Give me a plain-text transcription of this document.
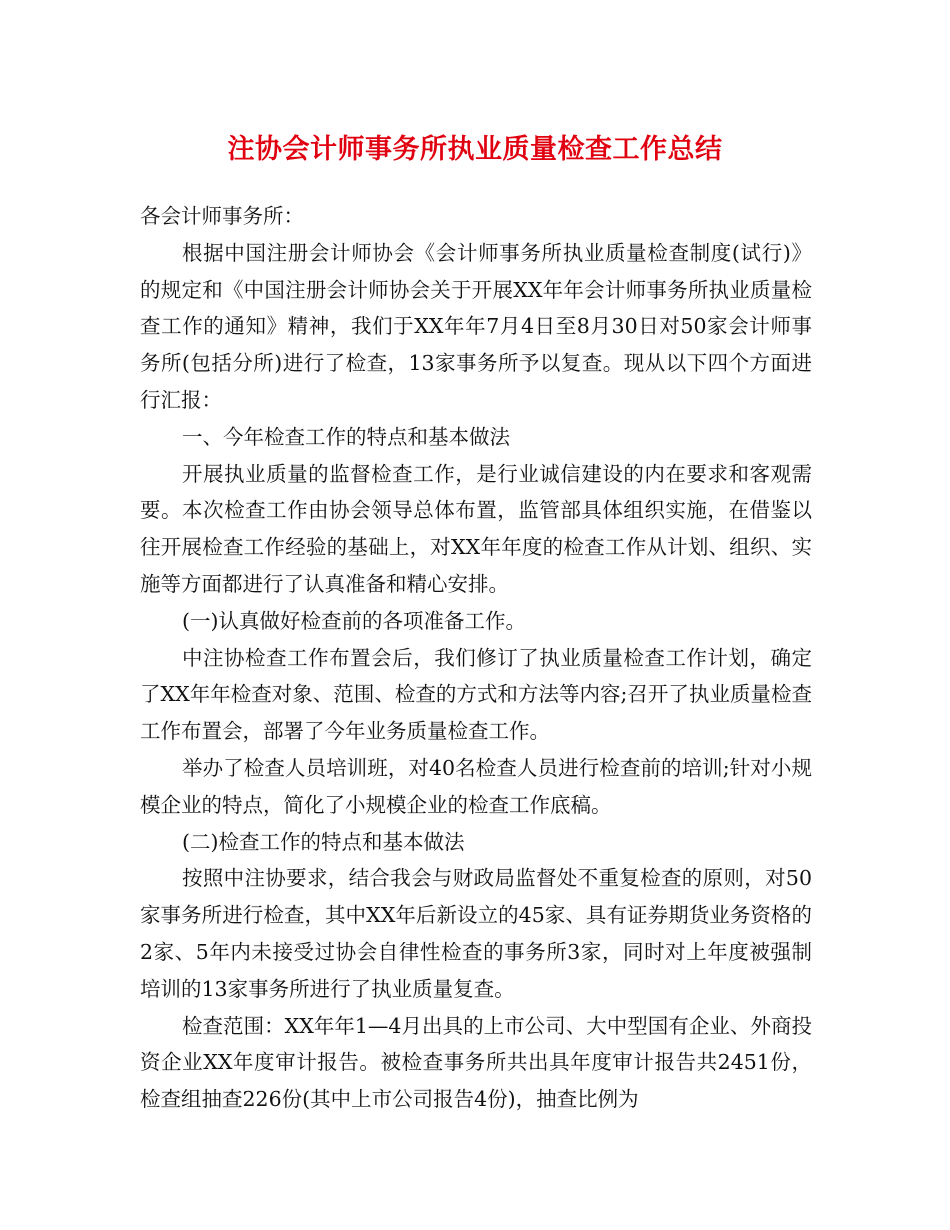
注协会计师事务所执业质量检查工作总结

各会计师事务所：

根据中国注册会计师协会《会计师事务所执业质量检查制度(试行)》的规定和《中国注册会计师协会关于开展XX年年会计师事务所执业质量检查工作的通知》精神，我们于XX年年7月4日至8月30日对50家会计师事务所(包括分所)进行了检查，13家事务所予以复查。现从以下四个方面进行汇报：

一、今年检查工作的特点和基本做法

开展执业质量的监督检查工作，是行业诚信建设的内在要求和客观需要。本次检查工作由协会领导总体布置，监管部具体组织实施，在借鉴以往开展检查工作经验的基础上，对XX年年度的检查工作从计划、组织、实施等方面都进行了认真准备和精心安排。

(一)认真做好检查前的各项准备工作。

中注协检查工作布置会后，我们修订了执业质量检查工作计划，确定了XX年年检查对象、范围、检查的方式和方法等内容;召开了执业质量检查工作布置会，部署了今年业务质量检查工作。

举办了检查人员培训班，对40名检查人员进行检查前的培训;针对小规模企业的特点，简化了小规模企业的检查工作底稿。

(二)检查工作的特点和基本做法

按照中注协要求，结合我会与财政局监督处不重复检查的原则，对50家事务所进行检查，其中XX年后新设立的45家、具有证券期货业务资格的2家、5年内未接受过协会自律性检查的事务所3家，同时对上年度被强制培训的13家事务所进行了执业质量复查。

检查范围：XX年年1—4月出具的上市公司、大中型国有企业、外商投资企业XX年度审计报告。被检查事务所共出具年度审计报告共2451份，检查组抽查226份(其中上市公司报告4份)，抽查比例为
